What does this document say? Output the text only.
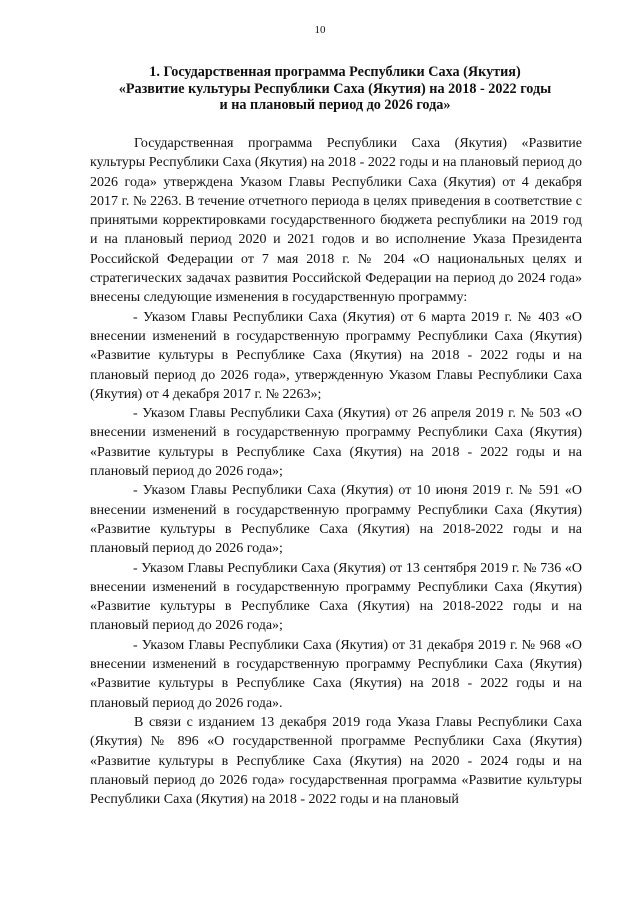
10
1. Государственная программа Республики Саха (Якутия)
«Развитие культуры Республики Саха (Якутия) на 2018 - 2022 годы
и на плановый период до 2026 года»

Государственная программа Республики Саха (Якутия) «Развитие культуры Республики Саха (Якутия) на 2018 - 2022 годы и на плановый период до 2026 года» утверждена Указом Главы Республики Саха (Якутия) от 4 декабря 2017 г. № 2263. В течение отчетного периода в целях приведения в соответствие с принятыми корректировками государственного бюджета республики на 2019 год и на плановый период 2020 и 2021 годов и во исполнение Указа Президента Российской Федерации от 7 мая 2018 г. № 204 «О национальных целях и стратегических задачах развития Российской Федерации на период до 2024 года» внесены следующие изменения в государственную программу:

- Указом Главы Республики Саха (Якутия) от 6 марта 2019 г. № 403 «О внесении изменений в государственную программу Республики Саха (Якутия) «Развитие культуры в Республике Саха (Якутия) на 2018 - 2022 годы и на плановый период до 2026 года», утвержденную Указом Главы Республики Саха (Якутия) от 4 декабря 2017 г. № 2263»;

- Указом Главы Республики Саха (Якутия) от 26 апреля 2019 г. № 503 «О внесении изменений в государственную программу Республики Саха (Якутия) «Развитие культуры в Республике Саха (Якутия) на 2018 - 2022 годы и на плановый период до 2026 года»;

- Указом Главы Республики Саха (Якутия) от 10 июня 2019 г. № 591 «О внесении изменений в государственную программу Республики Саха (Якутия) «Развитие культуры в Республике Саха (Якутия) на 2018-2022 годы и на плановый период до 2026 года»;

- Указом Главы Республики Саха (Якутия) от 13 сентября 2019 г. № 736 «О внесении изменений в государственную программу Республики Саха (Якутия) «Развитие культуры в Республике Саха (Якутия) на 2018-2022 годы и на плановый период до 2026 года»;

- Указом Главы Республики Саха (Якутия) от 31 декабря 2019 г. № 968 «О внесении изменений в государственную программу Республики Саха (Якутия) «Развитие культуры в Республике Саха (Якутия) на 2018 - 2022 годы и на плановый период до 2026 года».

В связи с изданием 13 декабря 2019 года Указа Главы Республики Саха (Якутия) № 896 «О государственной программе Республики Саха (Якутия) «Развитие культуры в Республике Саха (Якутия) на 2020 - 2024 годы и на плановый период до 2026 года» государственная программа «Развитие культуры Республики Саха (Якутия) на 2018 - 2022 годы и на плановый
